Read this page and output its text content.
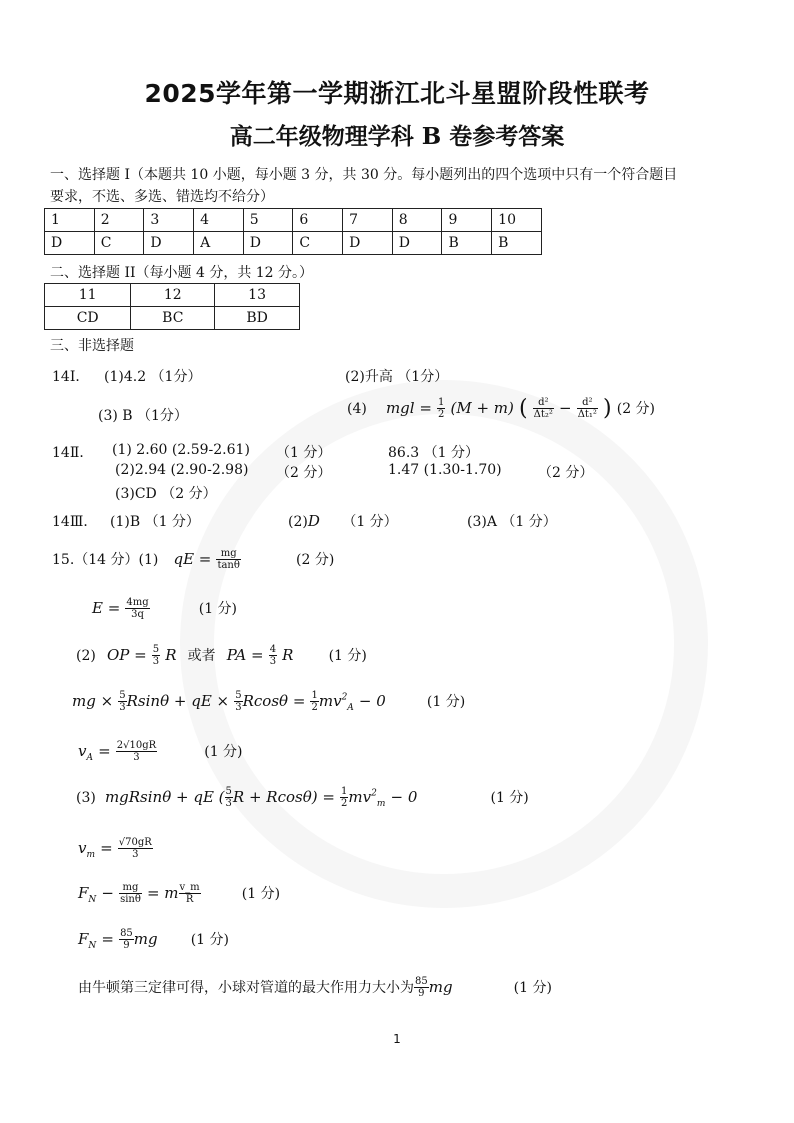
2025学年第一学期浙江北斗星盟阶段性联考
高二年级物理学科 B 卷参考答案
一、选择题 I（本题共 10 小题，每小题 3 分，共 30 分。每小题列出的四个选项中只有一个符合题目
要求，不选、多选、错选均不给分）
1	2	3	4	5	6	7	8	9	10
D	C	D	A	D	C	D	D	B	B
二、选择题 II（每小题 4 分，共 12 分。）
11	12	13
CD	BC	BD
三、非选择题
14Ⅰ． (1)4.2 （1分）	(2)升高 （1分）
(3) B （1分）	(4) mgl = $\frac{1}{2} (M + m)$ ( $\frac{\text{d²}}{\text{Δt₂²}} - \frac{\text{d²}}{\text{Δt₁²}}$ ) (2 分)
14Ⅱ． (1) 2.60 (2.59-2.61) （1 分）	86.3 （1 分）
(2)2.94 (2.90-2.98) （2 分）	1.47 (1.30-1.70)	（2 分）
(3)CD （2 分）
14Ⅲ． (1)B （1 分）	(2)D （1 分）	(3)A （1 分）
15.（14 分）(1) qE = $\frac{mg}{\tan\theta}$	(2 分)
$E = \frac{4mg}{3q}$	(1 分)
(2) OP = $\frac{5}{3}$ R 或者 PA = $\frac{4}{3}$ R	(1 分)
mg × $\frac{5}{3}$ Rsinθ + qE × $\frac{5}{3}$ $Rcos\theta = \frac{1}{2} mv^2_A - 0$	(1 分)
$v_A = \frac{2√10gR}{3}$	(1 分)
(3) mgRsinθ + qE ( $\frac{5}{3}$ $R + Rcos\theta) = \frac{1}{2} mv^2_m - 0$	(1 分)
$v_m = \frac{√70gR}{3}$
$F_N - \frac{mg}{\sin\theta} = m \frac{v\_m}{R}$	(1 分)
$F_N = \frac{85}{9}$ mg (1 分)
由牛顿第三定律可得，小球对管道的最大作用力大小为 $\frac{85}{9}$ mg	(1 分)
1
